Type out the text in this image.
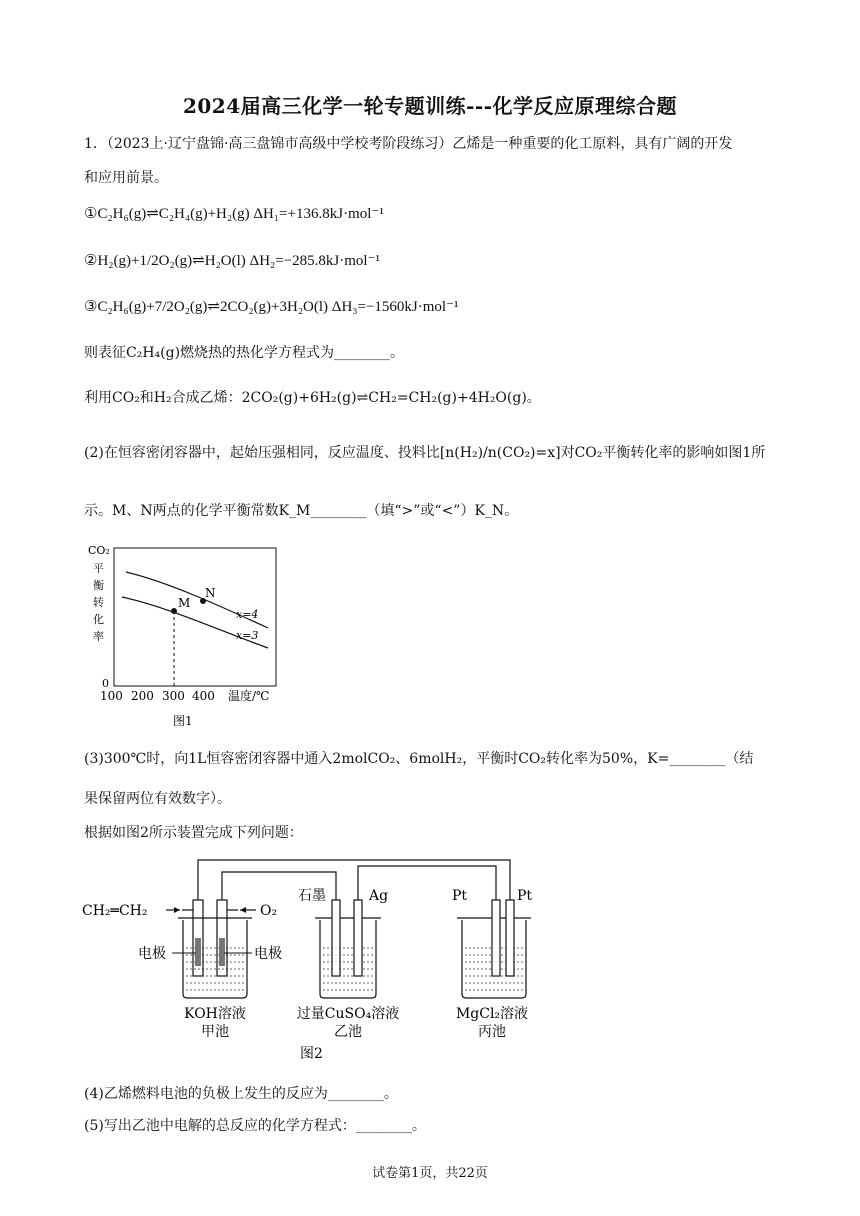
2024届高三化学一轮专题训练---化学反应原理综合题
1．（2023上·辽宁盘锦·高三盘锦市高级中学校考阶段练习）乙烯是一种重要的化工原料，具有广阔的开发
和应用前景。
①C₂H₆(g)⇌C₂H₄(g)+H₂(g) ΔH₁=+136.8kJ·mol⁻¹
②H₂(g)+1/2O₂(g)⇌H₂O(l) ΔH₂=−285.8kJ·mol⁻¹
③C₂H₆(g)+7/2O₂(g)⇌2CO₂(g)+3H₂O(l) ΔH₃=−1560kJ·mol⁻¹
则表征C₂H₄(g)燃烧热的热化学方程式为________。
利用CO₂和H₂合成乙烯：2CO₂(g)+6H₂(g)⇌CH₂=CH₂(g)+4H₂O(g)。
(2)在恒容密闭容器中，起始压强相同，反应温度、投料比[n(H₂)/n(CO₂)=x]对CO₂平衡转化率的影响如图1所
示。M、N两点的化学平衡常数K_M________（填“>”或“<”）K_N。
CO₂
平
衡
转
化
率
M
N
x=4
x=3
0
100 200 300 400 温度/℃
图1
(3)300℃时，向1L恒容密闭容器中通入2molCO₂、6molH₂，平衡时CO₂转化率为50%，K=________（结
果保留两位有效数字）。
根据如图2所示装置完成下列问题：
CH₂═CH₂	O₂
电极	电极
石墨	Ag	Pt	Pt
KOH溶液
甲池
过量CuSO₄溶液
乙池
MgCl₂溶液
丙池
图2
(4)乙烯燃料电池的负极上发生的反应为________。
(5)写出乙池中电解的总反应的化学方程式：________。
试卷第1页，共22页
